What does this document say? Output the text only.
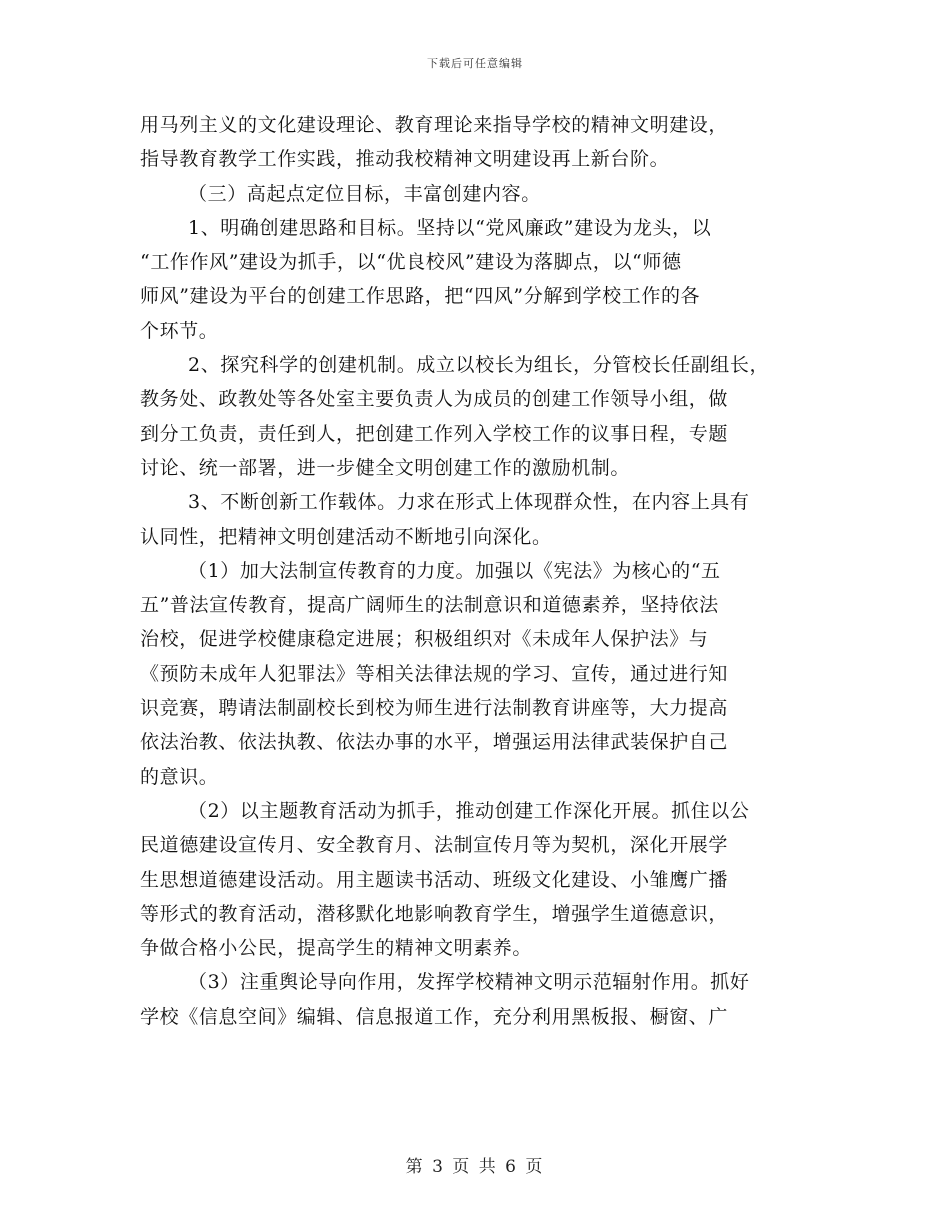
下载后可任意编辑
用马列主义的文化建设理论、教育理论来指导学校的精神文明建设，
指导教育教学工作实践，推动我校精神文明建设再上新台阶。
（三）高起点定位目标，丰富创建内容。
1、明确创建思路和目标。坚持以“党风廉政”建设为龙头，以
“工作作风”建设为抓手，以“优良校风”建设为落脚点，以“师德
师风”建设为平台的创建工作思路，把“四风”分解到学校工作的各
个环节。
2、探究科学的创建机制。成立以校长为组长，分管校长任副组长，
教务处、政教处等各处室主要负责人为成员的创建工作领导小组，做
到分工负责，责任到人，把创建工作列入学校工作的议事日程，专题
讨论、统一部署，进一步健全文明创建工作的激励机制。
3、不断创新工作载体。力求在形式上体现群众性，在内容上具有
认同性，把精神文明创建活动不断地引向深化。
（1）加大法制宣传教育的力度。加强以《宪法》为核心的“五
五”普法宣传教育，提高广阔师生的法制意识和道德素养，坚持依法
治校，促进学校健康稳定进展；积极组织对《未成年人保护法》与
《预防未成年人犯罪法》等相关法律法规的学习、宣传，通过进行知
识竞赛，聘请法制副校长到校为师生进行法制教育讲座等，大力提高
依法治教、依法执教、依法办事的水平，增强运用法律武装保护自己
的意识。
（2）以主题教育活动为抓手，推动创建工作深化开展。抓住以公
民道德建设宣传月、安全教育月、法制宣传月等为契机，深化开展学
生思想道德建设活动。用主题读书活动、班级文化建设、小雏鹰广播
等形式的教育活动，潜移默化地影响教育学生，增强学生道德意识，
争做合格小公民，提高学生的精神文明素养。
（3）注重舆论导向作用，发挥学校精神文明示范辐射作用。抓好
学校《信息空间》编辑、信息报道工作，充分利用黑板报、橱窗、广
第 3 页 共 6 页
